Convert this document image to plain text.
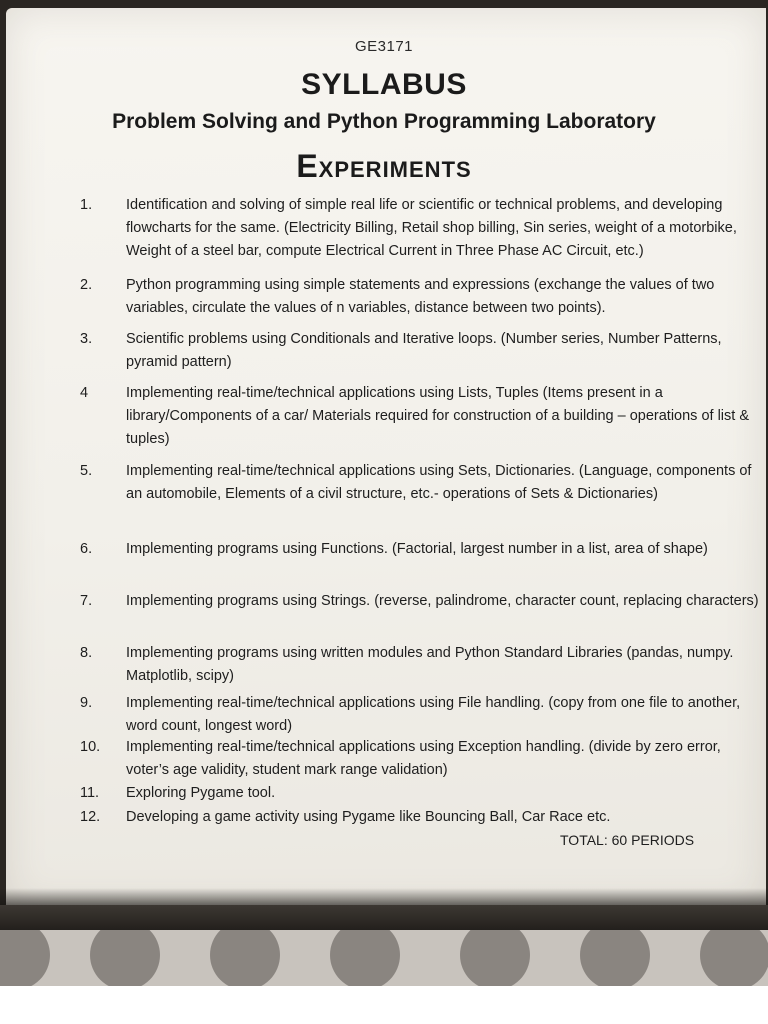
GE3171
SYLLABUS
Problem Solving and Python Programming Laboratory
Experiments
1.	Identification and solving of simple real life or scientific or technical problems, and developing flowcharts for the same. (Electricity Billing, Retail shop billing, Sin series, weight of a motorbike, Weight of a steel bar, compute Electrical Current in Three Phase AC Circuit, etc.)
2.	Python programming using simple statements and expressions (exchange the values of two variables, circulate the values of n variables, distance between two points).
3.	Scientific problems using Conditionals and Iterative loops. (Number series, Number Patterns, pyramid pattern)
4	Implementing real-time/technical applications using Lists, Tuples (Items present in a library/Components of a car/ Materials required for construction of a building – operations of list & tuples)
5.	Implementing real-time/technical applications using Sets, Dictionaries. (Language, components of an automobile, Elements of a civil structure, etc.- operations of Sets & Dictionaries)
6.	Implementing programs using Functions. (Factorial, largest number in a list, area of shape)
7.	Implementing programs using Strings. (reverse, palindrome, character count, replacing characters)
8.	Implementing programs using written modules and Python Standard Libraries (pandas, numpy. Matplotlib, scipy)
9.	Implementing real-time/technical applications using File handling. (copy from one file to another, word count, longest word)
10.	Implementing real-time/technical applications using Exception handling. (divide by zero error, voter’s age validity, student mark range validation)
11.	Exploring Pygame tool.
12.	Developing a game activity using Pygame like Bouncing Ball, Car Race etc.
TOTAL: 60 PERIODS
